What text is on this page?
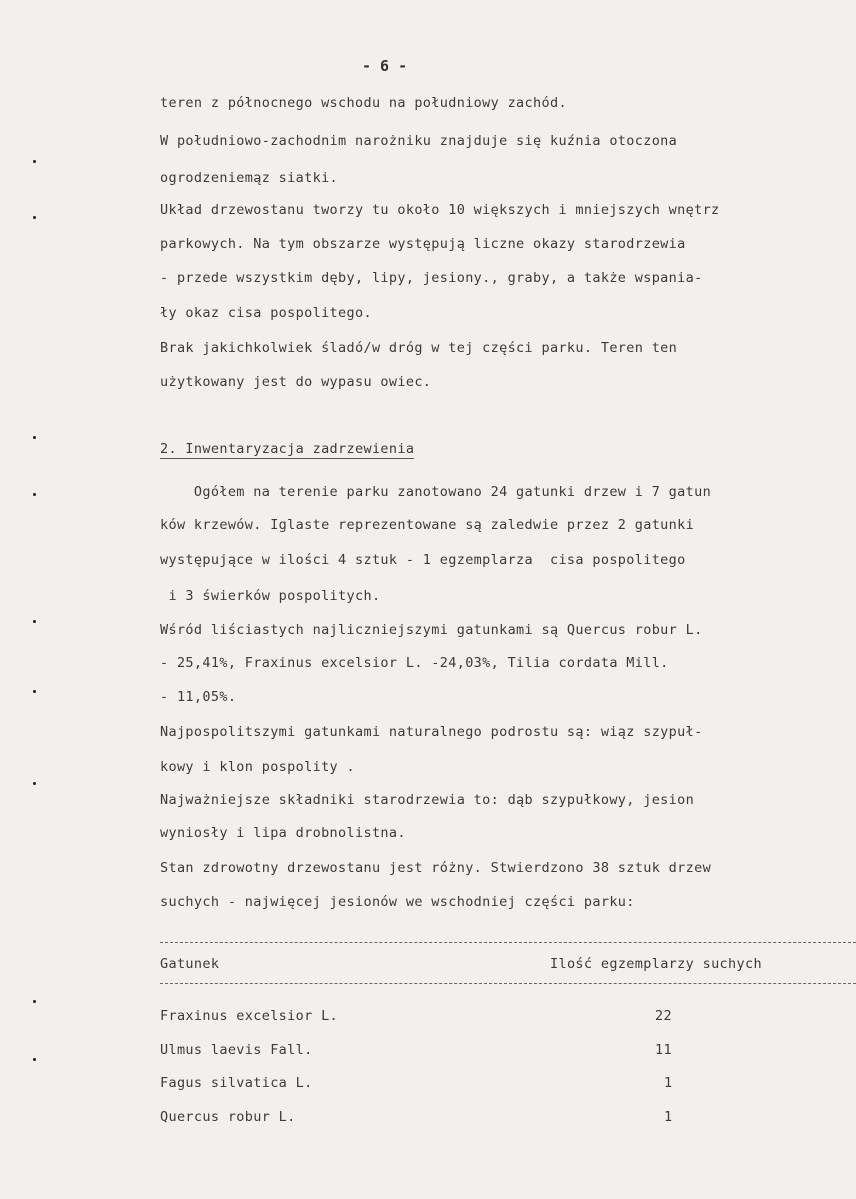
- 6 -
teren z północnego wschodu na południowy zachód.
W południowo-zachodnim narożniku znajduje się kuźnia otoczona
ogrodzeniemąz siatki.
Układ drzewostanu tworzy tu około 10 większych i mniejszych wnętrz
parkowych. Na tym obszarze występują liczne okazy starodrzewia
- przede wszystkim dęby, lipy, jesiony., graby, a także wspania-
ły okaz cisa pospolitego.
Brak jakichkolwiek śladó/w dróg w tej części parku. Teren ten
użytkowany jest do wypasu owiec.
2. Inwentaryzacja zadrzewienia
Ogółem na terenie parku zanotowano 24 gatunki drzew i 7 gatun
ków krzewów. Iglaste reprezentowane są zaledwie przez 2 gatunki
występujące w ilości 4 sztuk - 1 egzemplarza  cisa pospolitego
i 3 świerków pospolitych.
Wśród liściastych najliczniejszymi gatunkami są Quercus robur L.
- 25,41%, Fraxinus excelsior L. -24,03%, Tilia cordata Mill.
- 11,05%.
Najpospolitszymi gatunkami naturalnego podrostu są: wiąz szypuł-
kowy i klon pospolity .
Najważniejsze składniki starodrzewia to: dąb szypułkowy, jesion
wyniosły i lipa drobnolistna.
Stan zdrowotny drzewostanu jest różny. Stwierdzono 38 sztuk drzew
suchych - najwięcej jesionów we wschodniej części parku:
Gatunek	Ilość egzemplarzy suchych
Fraxinus excelsior L.	22
Ulmus laevis Fall.	11
Fagus silvatica L.	1
Quercus robur L.	1
